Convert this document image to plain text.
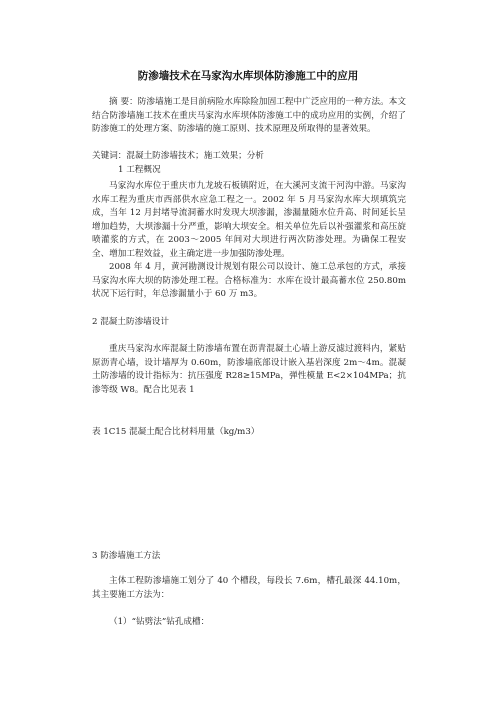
防渗墙技术在马家沟水库坝体防渗施工中的应用

摘 要：防渗墙施工是目前病险水库除险加固工程中广泛应用的一种方法。本文结合防渗墙施工技术在重庆马家沟水库坝体防渗施工中的成功应用的实例，介绍了防渗施工的处理方案、防渗墙的施工原则、技术原理及所取得的显著效果。

关键词：混凝土防渗墙技术；施工效果；分析
1 工程概况

马家沟水库位于重庆市九龙坡石板镇附近，在大溪河支流干河沟中游。马家沟水库工程为重庆市西部供水应急工程之一。2002 年 5 月马家沟水库大坝填筑完成，当年 12 月封堵导流洞蓄水时发现大坝渗漏，渗漏量随水位升高、时间延长呈增加趋势，大坝渗漏十分严重，影响大坝安全。相关单位先后以补强灌浆和高压旋喷灌浆的方式，在 2003～2005 年间对大坝进行两次防渗处理。为确保工程安全、增加工程效益，业主确定进一步加强防渗处理。

2008 年 4 月，黄河勘测设计规划有限公司以设计、施工总承包的方式，承接马家沟水库大坝的防渗处理工程。合格标准为：水库在设计最高蓄水位 250.80m 状况下运行时，年总渗漏量小于 60 万 m3。

2 混凝土防渗墙设计

重庆马家沟水库混凝土防渗墙布置在沥青混凝土心墙上游反滤过渡料内，紧贴原沥青心墙，设计墙厚为 0.60m，防渗墙底部设计嵌入基岩深度 2m～4m。混凝土防渗墙的设计指标为：抗压强度 R28≥15MPa，弹性模量 E<2×104MPa；抗渗等级 W8。配合比见表 1

表 1C15 混凝土配合比材料用量（kg/m3）
3 防渗墙施工方法

主体工程防渗墙施工划分了 40 个槽段，每段长 7.6m，槽孔最深 44.10m，其主要施工方法为：

（1）“钻劈法”钻孔成槽：
